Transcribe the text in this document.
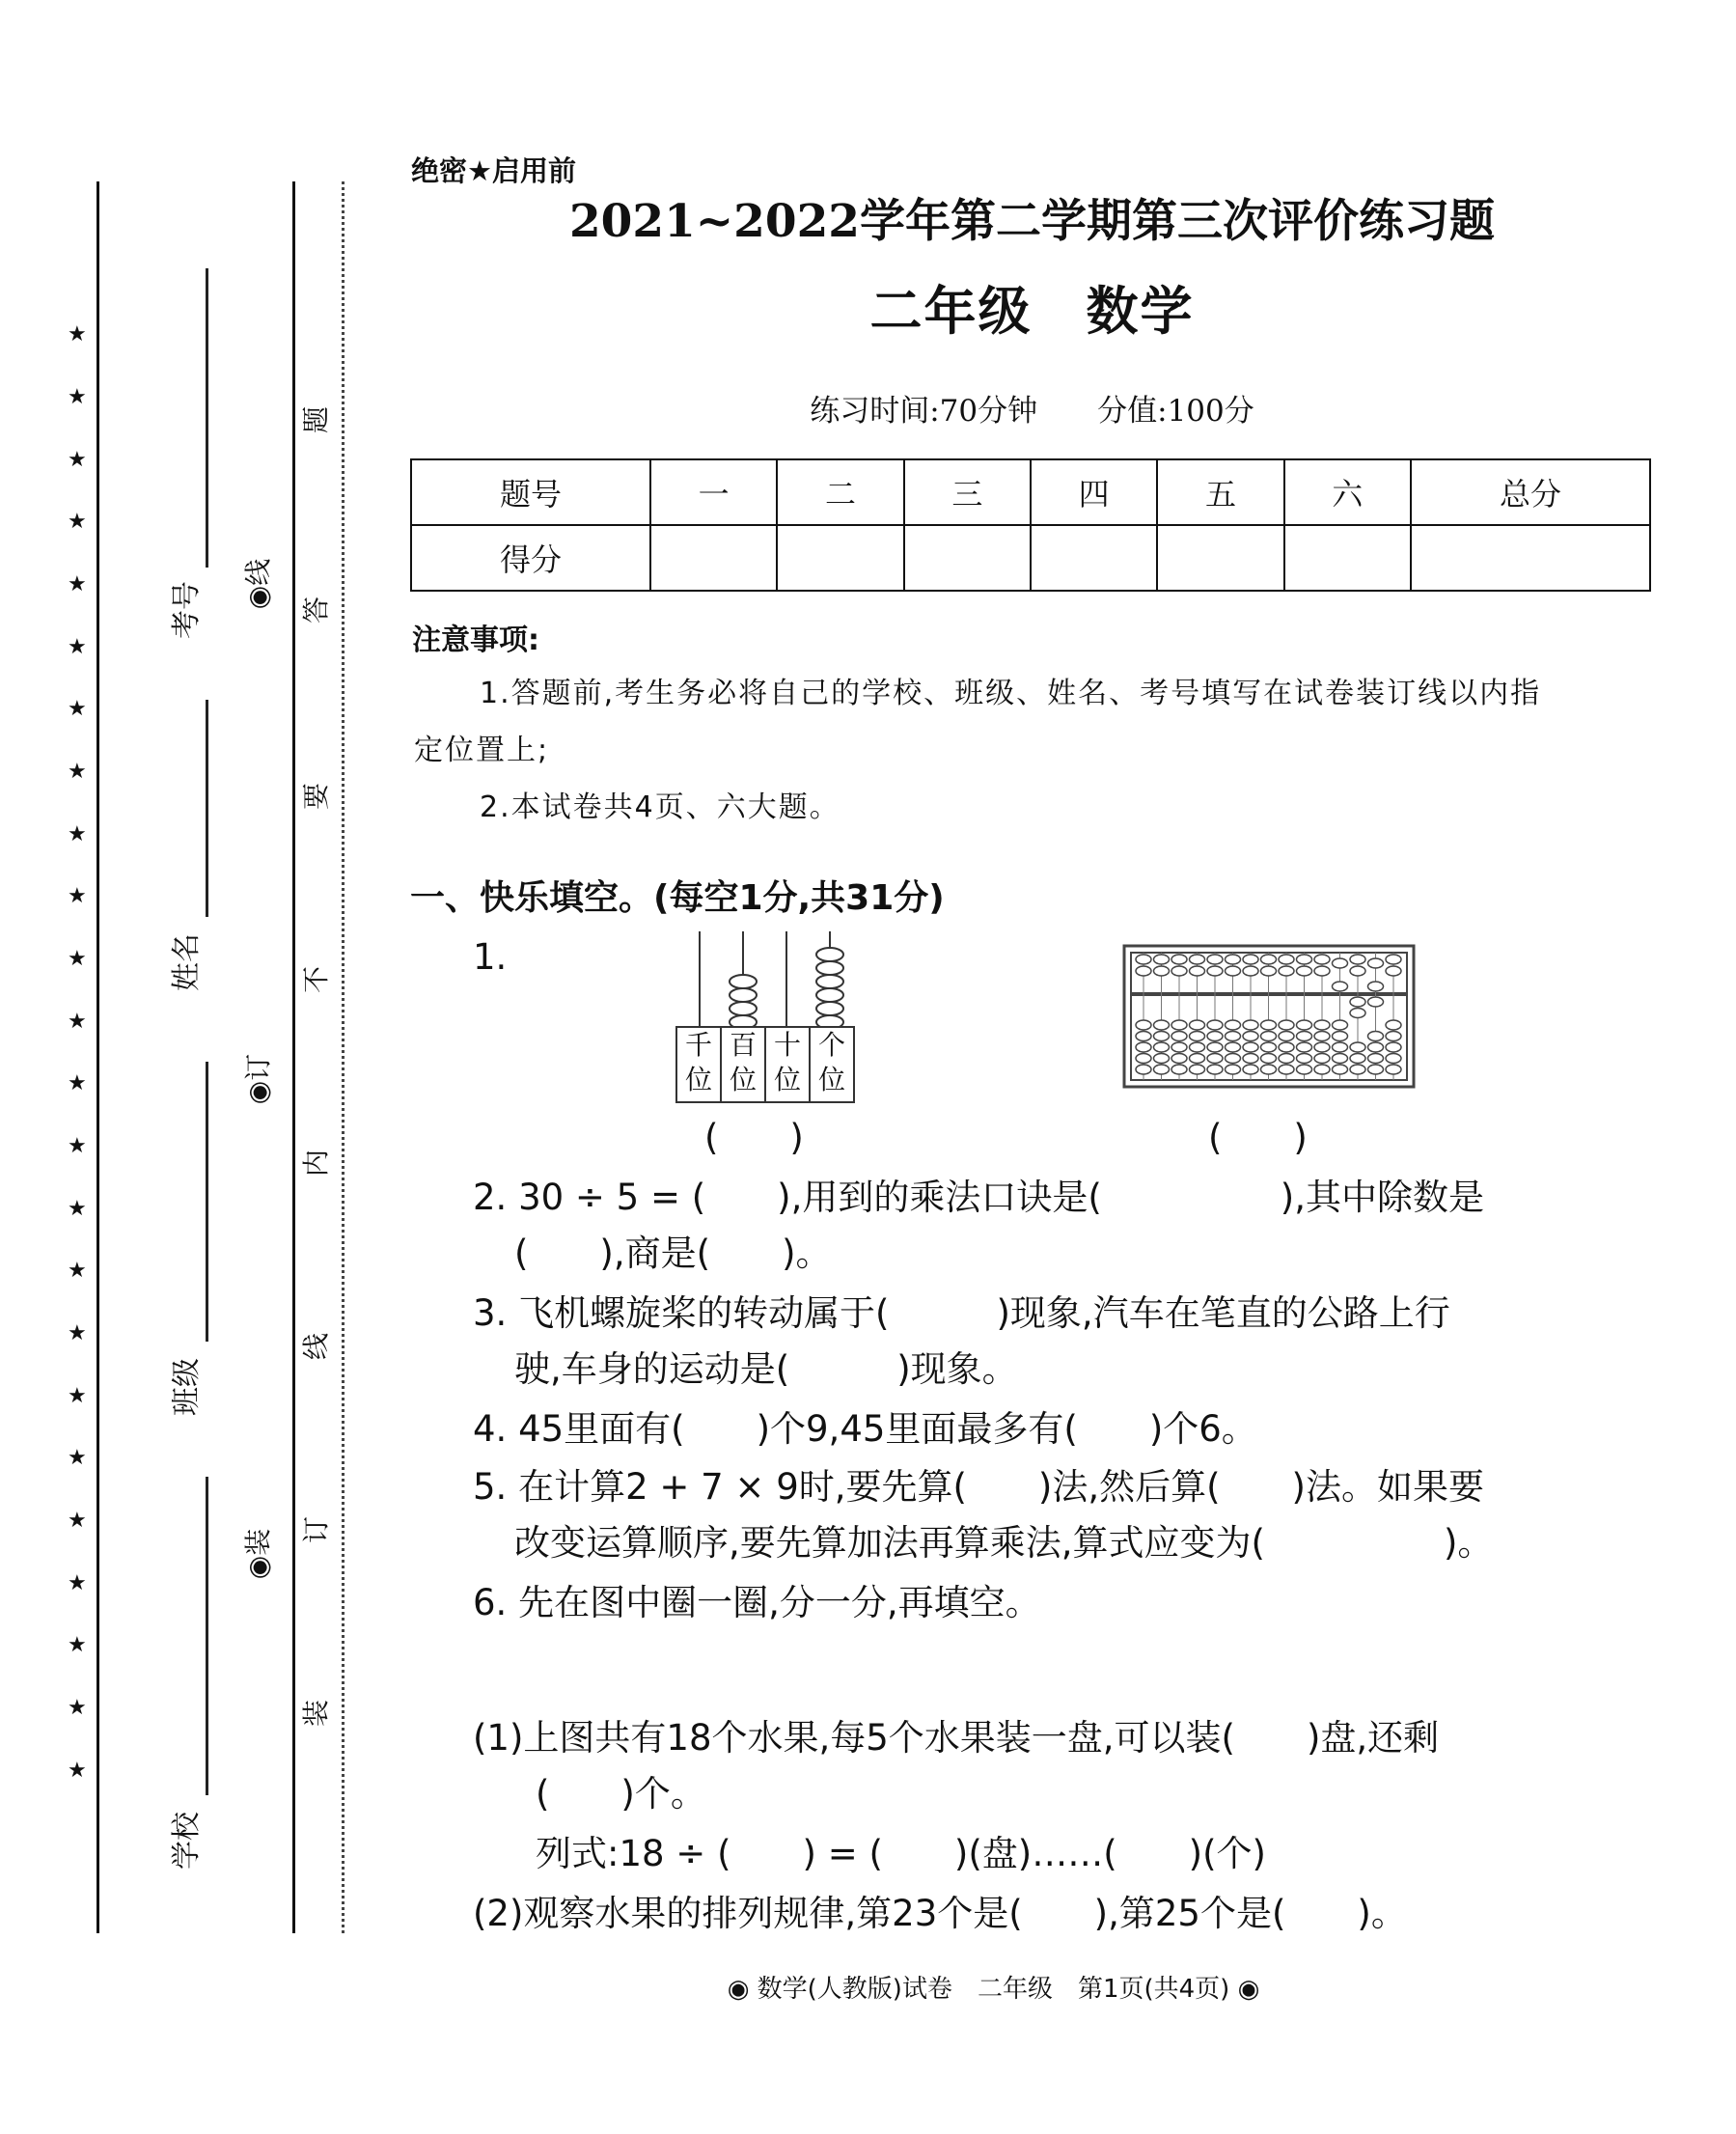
★
★
★
★
★
★
★
★
★
★
★
★
★
★
★
★
★
★
★
★
★
★
★
★
考号
姓名
班级
学校
◉线
◉订
◉装
题
答
要
不
内
线
订
装
绝密★启用前
2021~2022学年第二学期第三次评价练习题
二年级　数学
练习时间:70分钟　　分值:100分
题号	一	二	三	四	五	六	总分
得分							
注意事项:
1.答题前,考生务必将自己的学校、班级、姓名、考号填写在试卷装订线以内指
定位置上;
2.本试卷共4页、六大题。
一、快乐填空。(每空1分,共31分)
1.
千位
百位
十位
个位
(　　)	(　　)
2. 30 ÷ 5 = (　　),用到的乘法口诀是(　　　　　),其中除数是
(　　),商是(　　)。
3. 飞机螺旋桨的转动属于(　　　)现象,汽车在笔直的公路上行
驶,车身的运动是(　　　)现象。
4. 45里面有(　　)个9,45里面最多有(　　)个6。
5. 在计算2 + 7 × 9时,要先算(　　)法,然后算(　　)法。如果要
改变运算顺序,要先算加法再算乘法,算式应变为(　　　　　)。
6. 先在图中圈一圈,分一分,再填空。
(1)上图共有18个水果,每5个水果装一盘,可以装(　　)盘,还剩
(　　)个。
列式:18 ÷ (　　) = (　　)(盘)……(　　)(个)
(2)观察水果的排列规律,第23个是(　　),第25个是(　　)。
◉ 数学(人教版)试卷　二年级　第1页(共4页) ◉
